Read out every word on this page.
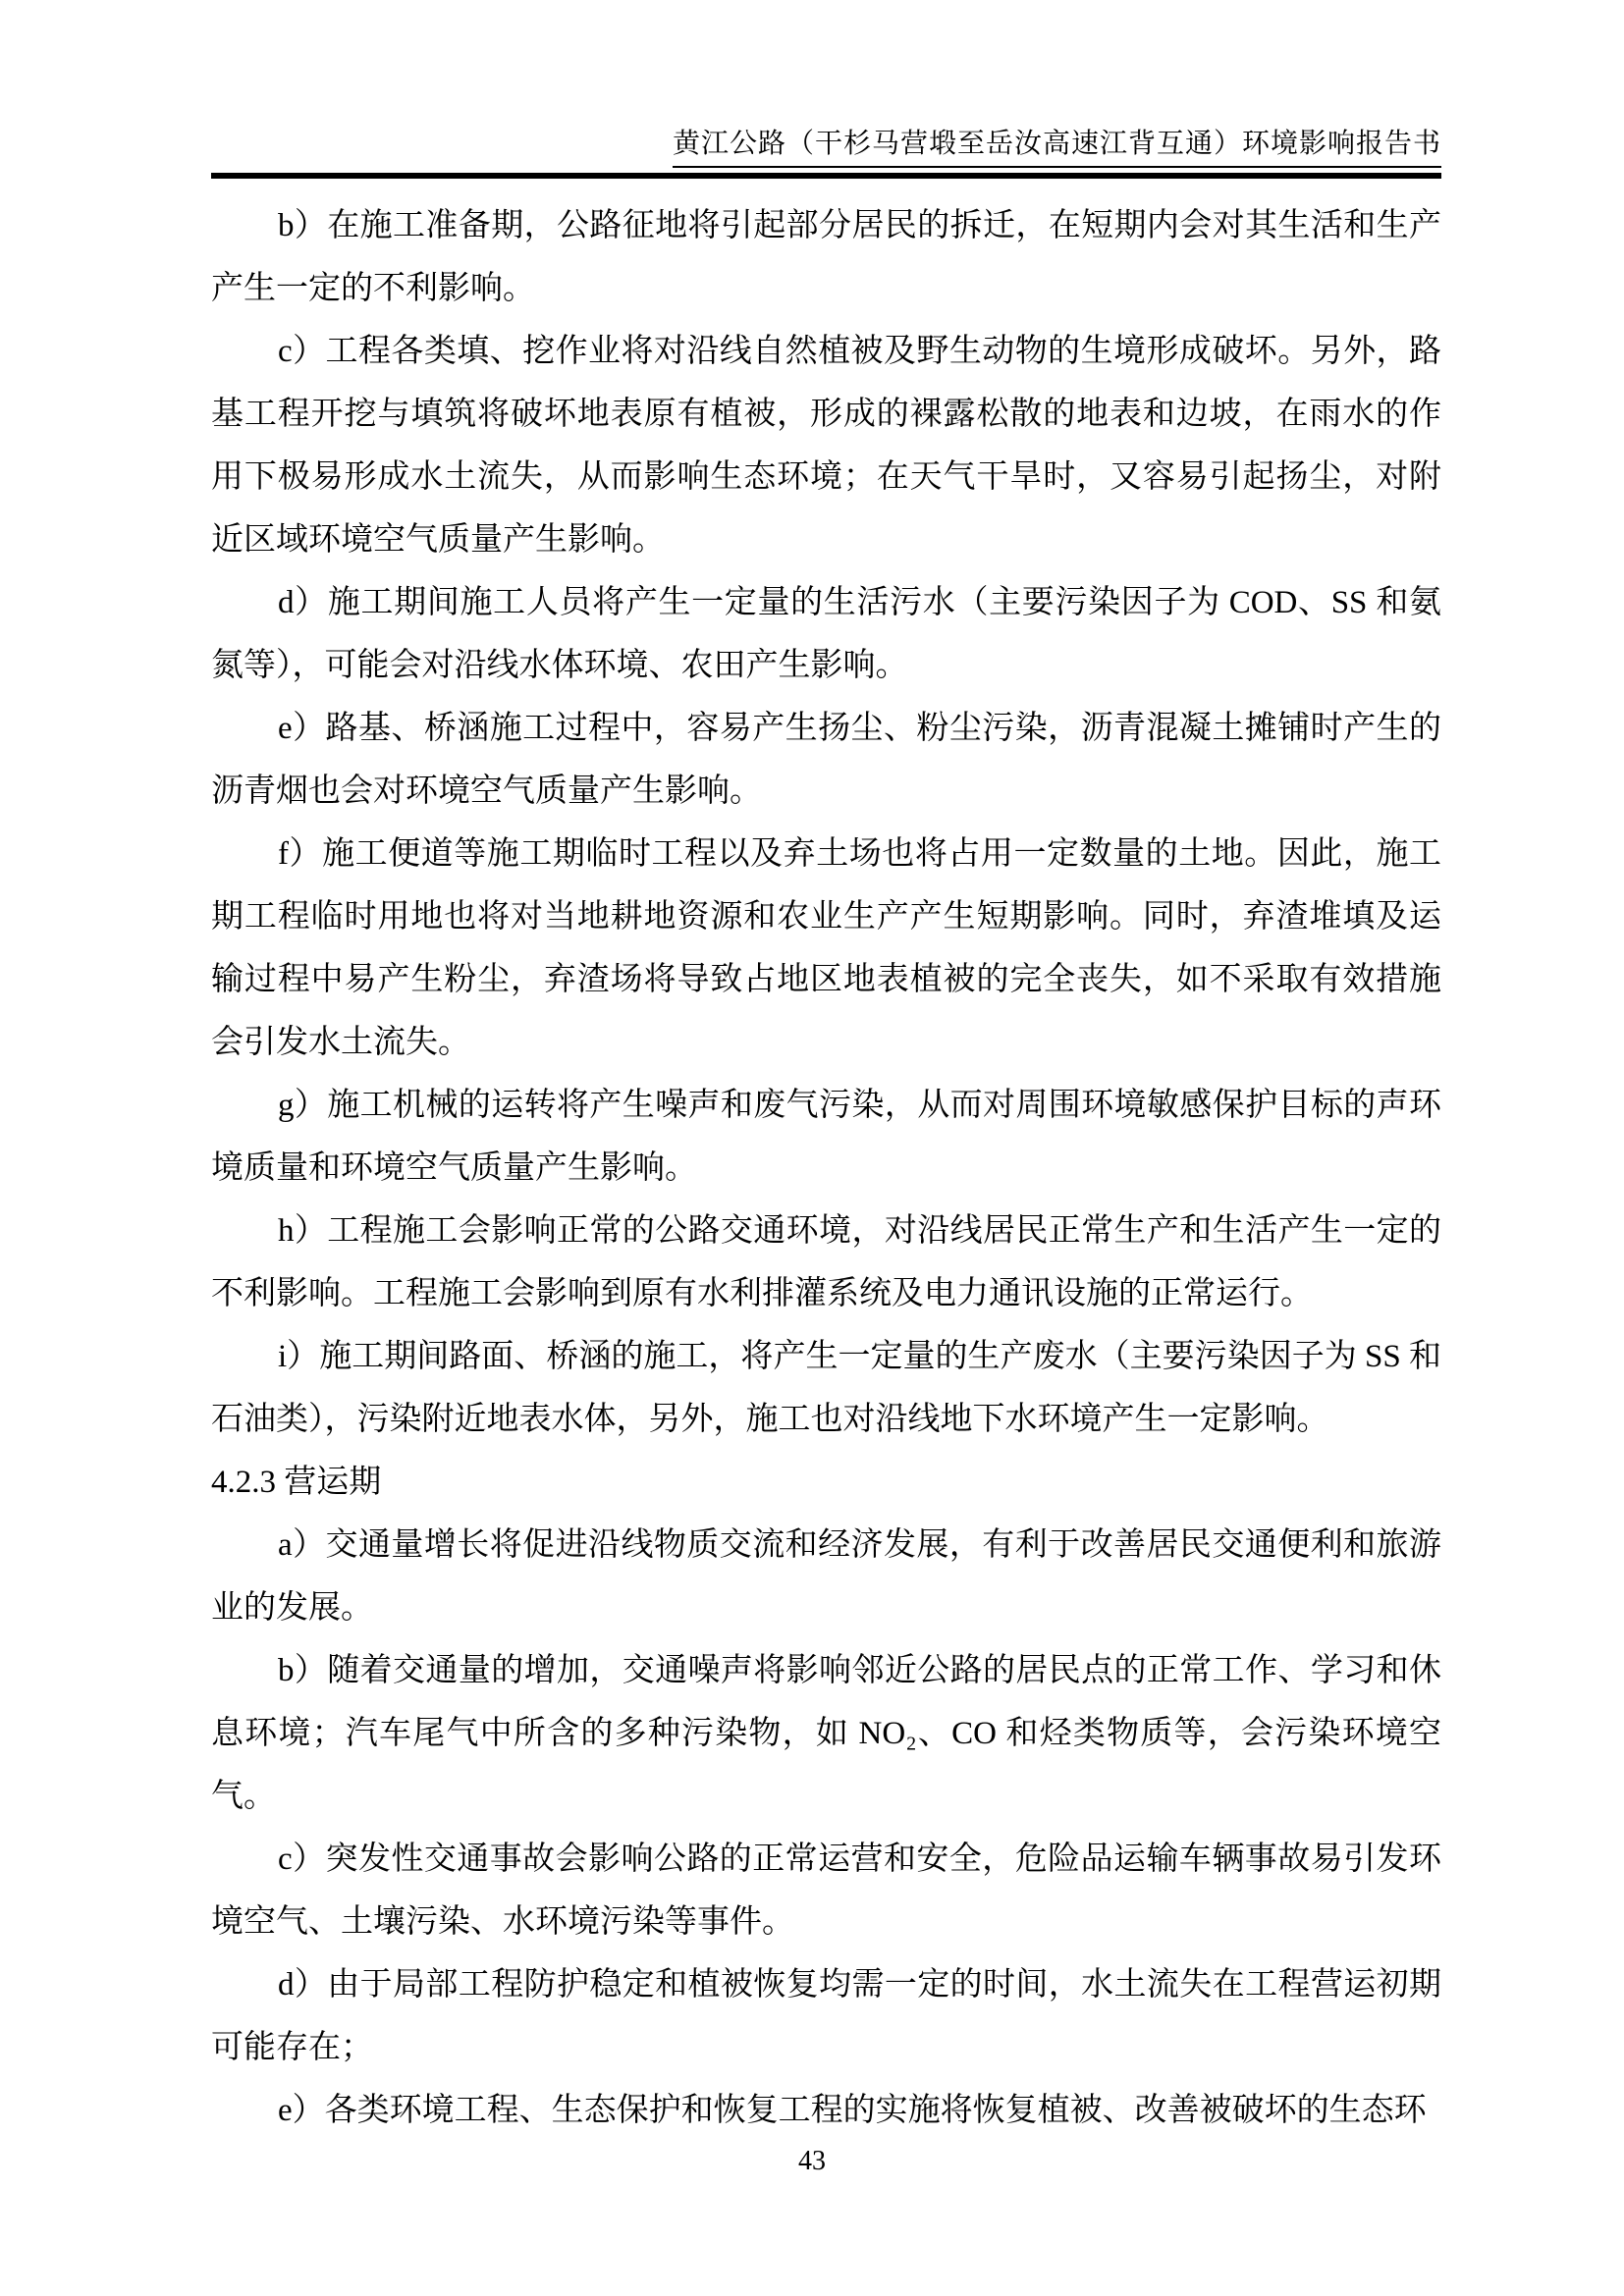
黄江公路（干杉马营塅至岳汝高速江背互通）环境影响报告书

b）在施工准备期，公路征地将引起部分居民的拆迁，在短期内会对其生活和生产产生一定的不利影响。

c）工程各类填、挖作业将对沿线自然植被及野生动物的生境形成破坏。另外，路基工程开挖与填筑将破坏地表原有植被，形成的裸露松散的地表和边坡，在雨水的作用下极易形成水土流失，从而影响生态环境；在天气干旱时，又容易引起扬尘，对附近区域环境空气质量产生影响。

d）施工期间施工人员将产生一定量的生活污水（主要污染因子为 COD、SS 和氨氮等），可能会对沿线水体环境、农田产生影响。

e）路基、桥涵施工过程中，容易产生扬尘、粉尘污染，沥青混凝土摊铺时产生的沥青烟也会对环境空气质量产生影响。

f）施工便道等施工期临时工程以及弃土场也将占用一定数量的土地。因此，施工期工程临时用地也将对当地耕地资源和农业生产产生短期影响。同时，弃渣堆填及运输过程中易产生粉尘，弃渣场将导致占地区地表植被的完全丧失，如不采取有效措施会引发水土流失。

g）施工机械的运转将产生噪声和废气污染，从而对周围环境敏感保护目标的声环境质量和环境空气质量产生影响。

h）工程施工会影响正常的公路交通环境，对沿线居民正常生产和生活产生一定的不利影响。工程施工会影响到原有水利排灌系统及电力通讯设施的正常运行。

i）施工期间路面、桥涵的施工，将产生一定量的生产废水（主要污染因子为 SS 和石油类），污染附近地表水体，另外，施工也对沿线地下水环境产生一定影响。

4.2.3 营运期

a）交通量增长将促进沿线物质交流和经济发展，有利于改善居民交通便利和旅游业的发展。

b）随着交通量的增加，交通噪声将影响邻近公路的居民点的正常工作、学习和休息环境；汽车尾气中所含的多种污染物，如 NO₂、CO 和烃类物质等，会污染环境空气。

c）突发性交通事故会影响公路的正常运营和安全，危险品运输车辆事故易引发环境空气、土壤污染、水环境污染等事件。

d）由于局部工程防护稳定和植被恢复均需一定的时间，水土流失在工程营运初期可能存在；

e）各类环境工程、生态保护和恢复工程的实施将恢复植被、改善被破坏的生态环

43
